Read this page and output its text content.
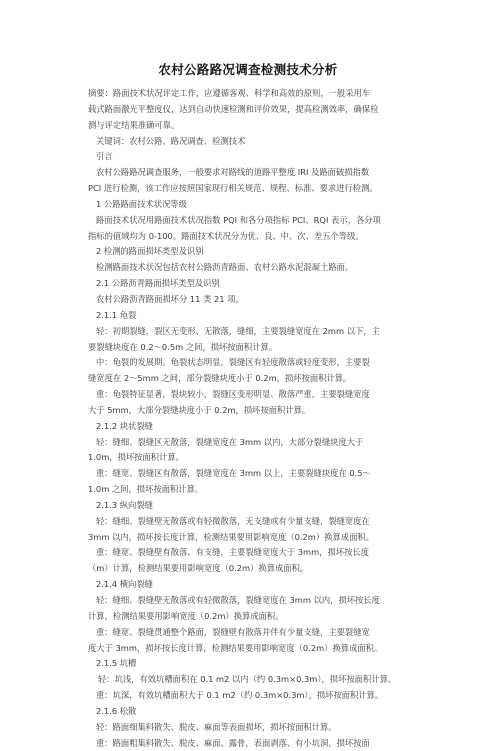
农村公路路况调查检测技术分析

摘要：路面技术状况评定工作，应遵循客观、科学和高效的原则，一般采用车

载式路面激光平整度仪，达到自动快速检测和评价效果，提高检测效率，确保检

测与评定结果准确可靠。

关键词：农村公路、路况调查、检测技术

引言

农村公路路况调查服务，一般要求对路线的道路平整度 IRI 及路面破损指数

PCI 进行检测，该工作应按照国家现行相关规范、规程、标准、要求进行检测。

1 公路路面技术状况等级

路面技术状况用路面技术状况指数 PQI 和各分项指标 PCI、RQI 表示，各分项

指标的值域均为 0-100。路面技术状况分为优、良、中、次、差五个等级。

2 检测的路面损坏类型及识别

检测路面技术状况包括农村公路沥青路面、农村公路水泥混凝土路面。

2.1 公路沥青路面损坏类型及识别

农村公路沥青路面损坏分 11 类 21 项。

2.1.1 龟裂

轻：初期裂缝，裂区无变形、无散落，缝细，主要裂缝宽度在 2mm 以下，主

要裂缝块度在 0.2～0.5m 之间，损坏按面积计算。

中：龟裂的发展期。龟裂状态明显，裂缝区有轻度散落或轻度变形，主要裂

缝宽度在 2～5mm 之间，部分裂缝块度小于 0.2m，损坏按面积计算。

重：龟裂特征显著，裂块较小，裂缝区变形明显、散落严重，主要裂缝宽度

大于 5mm，大部分裂缝块度小于 0.2m，损坏按面积计算。

2.1.2 块状裂缝

轻：缝细、裂缝区无散落，裂缝宽度在 3mm 以内，大部分裂缝块度大于

1.0m，损坏按面积计算。

重：缝宽、裂缝区有散落，裂缝宽度在 3mm 以上，主要裂缝块度在 0.5～

1.0m 之间，损坏按面积计算。

2.1.3 纵向裂缝

轻：缝细、裂缝壁无散落或有轻微散落，无支缝或有少量支缝，裂缝宽度在

3mm 以内，损坏按长度计算，检测结果要用影响宽度（0.2m）换算成面积。

重：缝宽、裂缝壁有散落、有支缝，主要裂缝宽度大于 3mm，损坏按长度

（m）计算，检测结果要用影响宽度（0.2m）换算成面积。

2.1.4 横向裂缝

轻：缝细、裂缝壁无散落或有轻微散落，裂缝宽度在 3mm 以内，损坏按长度

计算，检测结果要用影响宽度（0.2m）换算成面积。

重：缝宽、裂缝贯通整个路面，裂缝壁有散落并伴有少量支缝，主要裂缝宽

度大于 3mm，损坏按长度计算，检测结果要用影响宽度（0.2m）换算成面积。

2.1.5 坑槽

轻：坑浅，有效坑槽面积在 0.1 m2 以内（约 0.3m×0.3m），损坏按面积计算。

重：坑深，有效坑槽面积大于 0.1 m2（约 0.3m×0.3m），损坏按面积计算。

2.1.6 松散

轻：路面细集料散失、脱皮、麻面等表面损坏，损坏按面积计算。

重：路面粗集料散失、脱皮、麻面、露骨，表面剥落、有小坑洞，损坏按面
